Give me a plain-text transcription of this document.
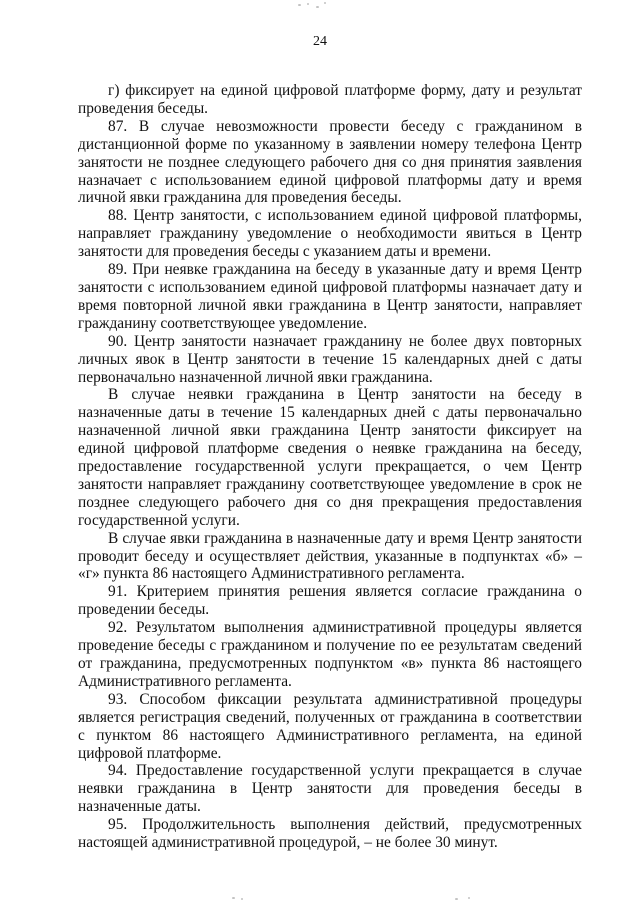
24

г) фиксирует на единой цифровой платформе форму, дату и результат проведения беседы.

87. В случае невозможности провести беседу с гражданином в дистанционной форме по указанному в заявлении номеру телефона Центр занятости не позднее следующего рабочего дня со дня принятия заявления назначает с использованием единой цифровой платформы дату и время личной явки гражданина для проведения беседы.

88. Центр занятости, с использованием единой цифровой платформы, направляет гражданину уведомление о необходимости явиться в Центр занятости для проведения беседы с указанием даты и времени.

89. При неявке гражданина на беседу в указанные дату и время Центр занятости с использованием единой цифровой платформы назначает дату и время повторной личной явки гражданина в Центр занятости, направляет гражданину соответствующее уведомление.

90. Центр занятости назначает гражданину не более двух повторных личных явок в Центр занятости в течение 15 календарных дней с даты первоначально назначенной личной явки гражданина.

В случае неявки гражданина в Центр занятости на беседу в назначенные даты в течение 15 календарных дней с даты первоначально назначенной личной явки гражданина Центр занятости фиксирует на единой цифровой платформе сведения о неявке гражданина на беседу, предоставление государственной услуги прекращается, о чем Центр занятости направляет гражданину соответствующее уведомление в срок не позднее следующего рабочего дня со дня прекращения предоставления государственной услуги.

В случае явки гражданина в назначенные дату и время Центр занятости проводит беседу и осуществляет действия, указанные в подпунктах «б» – «г» пункта 86 настоящего Административного регламента.

91. Критерием принятия решения является согласие гражданина о проведении беседы.

92. Результатом выполнения административной процедуры является проведение беседы с гражданином и получение по ее результатам сведений от гражданина, предусмотренных подпунктом «в» пункта 86 настоящего Административного регламента.

93. Способом фиксации результата административной процедуры является регистрация сведений, полученных от гражданина в соответствии с пунктом 86 настоящего Административного регламента, на единой цифровой платформе.

94. Предоставление государственной услуги прекращается в случае неявки гражданина в Центр занятости для проведения беседы в назначенные даты.

95. Продолжительность выполнения действий, предусмотренных настоящей административной процедурой, – не более 30 минут.
